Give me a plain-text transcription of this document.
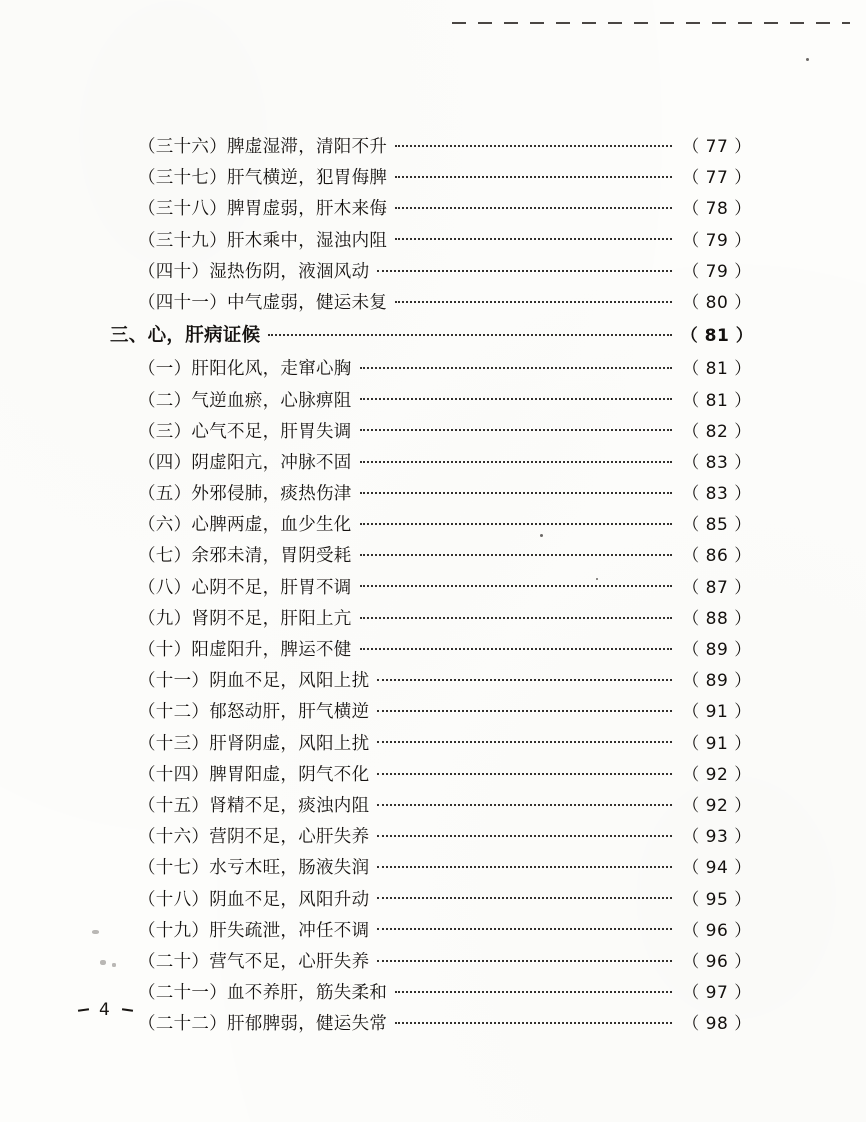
（三十六）脾虚湿滞，清阳不升	（ 77 ）
（三十七）肝气横逆，犯胃侮脾	（ 77 ）
（三十八）脾胃虚弱，肝木来侮	（ 78 ）
（三十九）肝木乘中，湿浊内阻	（ 79 ）
（四十）湿热伤阴，液涸风动	（ 79 ）
（四十一）中气虚弱，健运未复	（ 80 ）
三、心，肝病证候	（ 81 ）
（一）肝阳化风，走窜心胸	（ 81 ）
（二）气逆血瘀，心脉痹阻	（ 81 ）
（三）心气不足，肝胃失调	（ 82 ）
（四）阴虚阳亢，冲脉不固	（ 83 ）
（五）外邪侵肺，痰热伤津	（ 83 ）
（六）心脾两虚，血少生化	（ 85 ）
（七）余邪未清，胃阴受耗	（ 86 ）
（八）心阴不足，肝胃不调	（ 87 ）
（九）肾阴不足，肝阳上亢	（ 88 ）
（十）阳虚阳升，脾运不健	（ 89 ）
（十一）阴血不足，风阳上扰	（ 89 ）
（十二）郁怒动肝，肝气横逆	（ 91 ）
（十三）肝肾阴虚，风阳上扰	（ 91 ）
（十四）脾胃阳虚，阴气不化	（ 92 ）
（十五）肾精不足，痰浊内阻	（ 92 ）
（十六）营阴不足，心肝失养	（ 93 ）
（十七）水亏木旺，肠液失润	（ 94 ）
（十八）阴血不足，风阳升动	（ 95 ）
（十九）肝失疏泄，冲任不调	（ 96 ）
（二十）营气不足，心肝失养	（ 96 ）
（二十一）血不养肝，筋失柔和	（ 97 ）
（二十二）肝郁脾弱，健运失常	（ 98 ）
4
